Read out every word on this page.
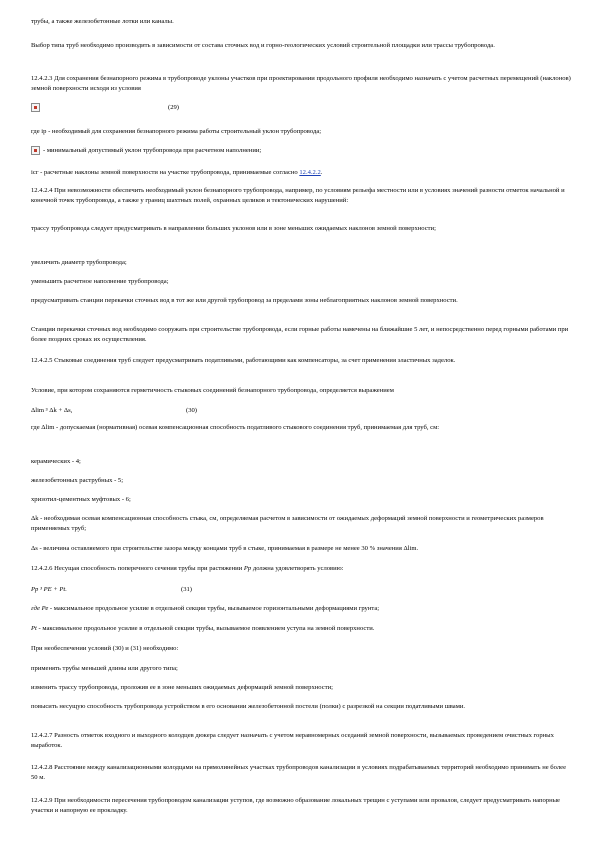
трубы, а также железобетонные лотки или каналы.

Выбор типа труб необходимо производить в зависимости от состава сточных вод и горно-геологических условий строительной площадки или трассы трубопровода.

12.4.2.3 Для сохранения безнапорного режима в трубопроводе уклоны участков при проектировании продольного профиля необходимо назначать с учетом расчетных перемещений (наклонов) земной поверхности исходя из условия

(29)

где ip - необходимый для сохранения безнапорного режима работы строительный уклон трубопровода;

- минимальный допустимый уклон трубопровода при расчетном наполнении;

iсг - расчетные наклоны земной поверхности на участке трубопровода, принимаемые согласно 12.4.2.2.

12.4.2.4 При невозможности обеспечить необходимый уклон безнапорного трубопровода, например, по условиям рельефа местности или в условиях значений разности отметок начальной и конечной точек трубопровода, а также у границ шахтных полей, охранных целиков и тектонических нарушений:

трассу трубопровода следует предусматривать в направлении больших уклонов или в зоне меньших ожидаемых наклонов земной поверхности;

увеличить диаметр трубопровода;

уменьшить расчетное наполнение трубопровода;

предусматривать станции перекачки сточных вод в тот же или другой трубопровод за пределами зоны неблагоприятных наклонов земной поверхности.

Станции перекачки сточных вод необходимо сооружать при строительстве трубопровода, если горные работы намечены на ближайшие 5 лет, и непосредственно перед горными работами при более поздних сроках их осуществления.

12.4.2.5 Стыковые соединения труб следует предусматривать податливыми, работающими как компенсаторы, за счет применения эластичных заделок.

Условие, при котором сохраняются герметичность стыковых соединений безнапорного трубопровода, определяется выражением

Δlim ³ Δk + Δs,	(30)

где Δlim - допускаемая (нормативная) осевая компенсационная способность податливого стыкового соединения труб, принимаемая для труб, см:

керамических - 4;

железобетонных раструбных - 5;

хризотил-цементных муфтовых - 6;

Δk - необходимая осевая компенсационная способность стыка, см, определяемая расчетом в зависимости от ожидаемых деформаций земной поверхности и геометрических размеров применяемых труб;

Δs - величина оставляемого при строительстве зазора между концами труб в стыке, принимаемая в размере не менее 30 % значения Δlim.

12.4.2.6 Несущая способность поперечного сечения трубы при растяжении Рр должна удовлетворять условию:

Рр ³ РЕ + Рt.	(31)

где Ре - максимальное продольное усилие в отдельной секции трубы, вызываемое горизонтальными деформациями грунта;

Рt - максимальное продольное усилие в отдельной секции трубы, вызываемое появлением уступа на земной поверхности.

При необеспечении условий (30) и (31) необходимо:

применять трубы меньшей длины или другого типа;

изменить трассу трубопровода, проложив ее в зоне меньших ожидаемых деформаций земной поверхности;

повысить несущую способность трубопровода устройством в его основании железобетонной постели (полки) с разрезкой на секции податливыми швами.

12.4.2.7 Разность отметок входного и выходного колодцев дюкера следует назначать с учетом неравномерных оседаний земной поверхности, вызываемых проведением очистных горных выработок.

12.4.2.8 Расстояние между канализационными колодцами на прямолинейных участках трубопроводов канализации в условиях подрабатываемых территорий необходимо принимать не более 50 м.

12.4.2.9 При необходимости пересечения трубопроводом канализации уступов, где возможно образование локальных трещин с уступами или провалов, следует предусматривать напорные участки и напорную ее прокладку.
